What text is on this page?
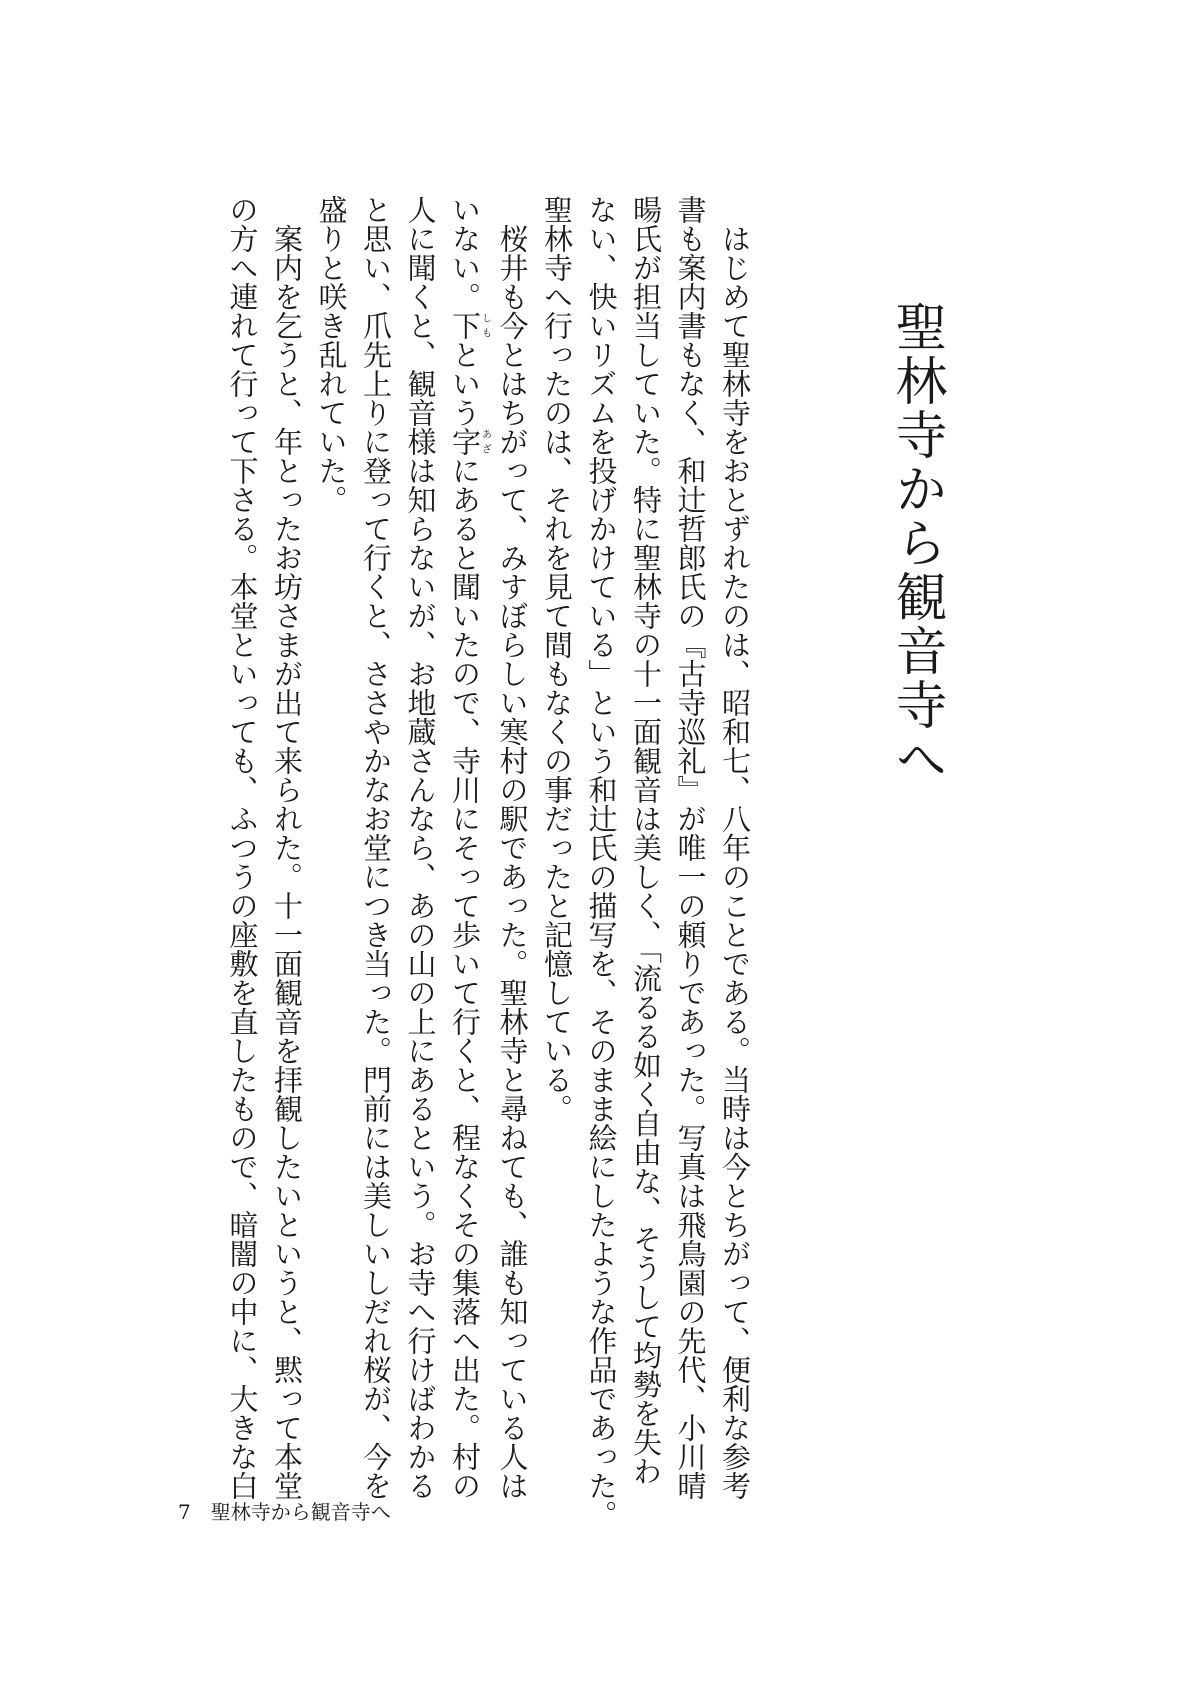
聖林寺から観音寺へ

はじめて聖林寺をおとずれたのは、昭和七、八年のことである。当時は今とちがって、便利な参考

書も案内書もなく、和辻哲郎氏の『古寺巡礼』が唯一の頼りであった。写真は飛鳥園の先代、小川晴

暘氏が担当していた。特に聖林寺の十一面観音は美しく、「流るる如く自由な、そうして均勢を失わ

ない、快いリズムを投げかけている」という和辻氏の描写を、そのまま絵にしたような作品であった。

聖林寺へ行ったのは、それを見て間もなくの事だったと記憶している。

桜井も今とはちがって、みすぼらしい寒村の駅であった。聖林寺と尋ねても、誰も知っている人は

いない。下しもという字あざにあると聞いたので、寺川にそって歩いて行くと、程なくその集落へ出た。村の

人に聞くと、観音様は知らないが、お地蔵さんなら、あの山の上にあるという。お寺へ行けばわかる

と思い、爪先上りに登って行くと、ささやかなお堂につき当った。門前には美しいしだれ桜が、今を

盛りと咲き乱れていた。

案内を乞うと、年とったお坊さまが出て来られた。十一面観音を拝観したいというと、黙って本堂

の方へ連れて行って下さる。本堂といっても、ふつうの座敷を直したもので、暗闇の中に、大きな白

7 聖林寺から観音寺へ
